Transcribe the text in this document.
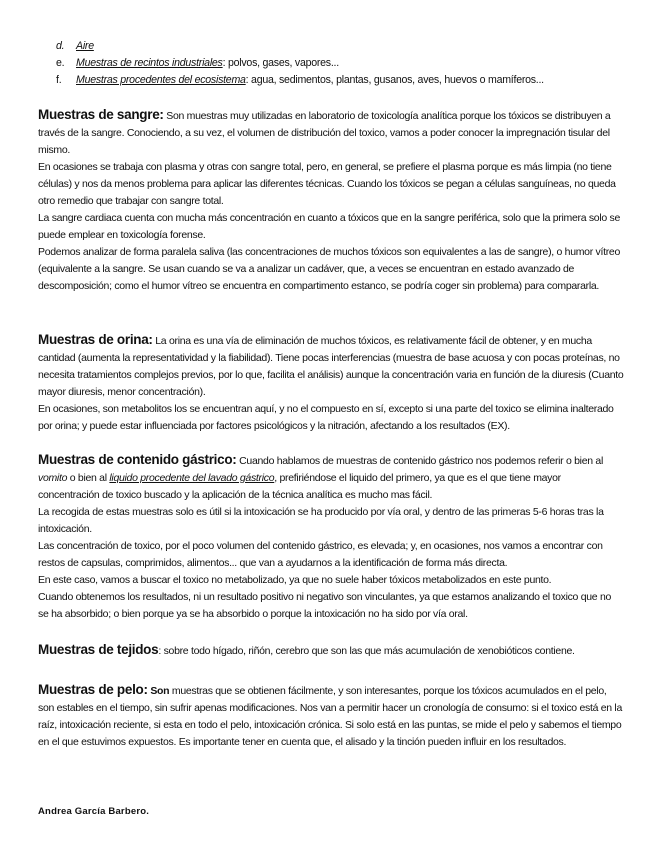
d. Aire
e. Muestras de recintos industriales: polvos, gases, vapores...
f. Muestras procedentes del ecosistema: agua, sedimentos, plantas, gusanos, aves, huevos o mamíferos...

Muestras de sangre: Son muestras muy utilizadas en laboratorio de toxicología analítica porque los tóxicos se distribuyen a través de la sangre. Conociendo, a su vez, el volumen de distribución del toxico, vamos a poder conocer la impregnación tisular del mismo.

En ocasiones se trabaja con plasma y otras con sangre total, pero, en general, se prefiere el plasma porque es más limpia (no tiene células) y nos da menos problema para aplicar las diferentes técnicas. Cuando los tóxicos se pegan a células sanguíneas, no queda otro remedio que trabajar con sangre total.

La sangre cardiaca cuenta con mucha más concentración en cuanto a tóxicos que en la sangre periférica, solo que la primera solo se puede emplear en toxicología forense.

Podemos analizar de forma paralela saliva (las concentraciones de muchos tóxicos son equivalentes a las de sangre), o humor vítreo (equivalente a la sangre. Se usan cuando se va a analizar un cadáver, que, a veces se encuentran en estado avanzado de descomposición; como el humor vítreo se encuentra en compartimento estanco, se podría coger sin problema) para compararla.

Muestras de orina: La orina es una vía de eliminación de muchos tóxicos, es relativamente fácil de obtener, y en mucha cantidad (aumenta la representatividad y la fiabilidad). Tiene pocas interferencias (muestra de base acuosa y con pocas proteínas, no necesita tratamientos complejos previos, por lo que, facilita el análisis) aunque la concentración varia en función de la diuresis (Cuanto mayor diuresis, menor concentración).

En ocasiones, son metabolitos los se encuentran aquí, y no el compuesto en sí, excepto si una parte del toxico se elimina inalterado por orina; y puede estar influenciada por factores psicológicos y la nitración, afectando a los resultados (EX).

Muestras de contenido gástrico: Cuando hablamos de muestras de contenido gástrico nos podemos referir o bien al vomito o bien al liquido procedente del lavado gástrico, prefiriéndose el liquido del primero, ya que es el que tiene mayor concentración de toxico buscado y la aplicación de la técnica analítica es mucho mas fácil.

La recogida de estas muestras solo es útil si la intoxicación se ha producido por vía oral, y dentro de las primeras 5-6 horas tras la intoxicación.

Las concentración de toxico, por el poco volumen del contenido gástrico, es elevada; y, en ocasiones, nos vamos a encontrar con restos de capsulas, comprimidos, alimentos... que van a ayudarnos a la identificación de forma más directa.

En este caso, vamos a buscar el toxico no metabolizado, ya que no suele haber tóxicos metabolizados en este punto.

Cuando obtenemos los resultados, ni un resultado positivo ni negativo son vinculantes, ya que estamos analizando el toxico que no se ha absorbido; o bien porque ya se ha absorbido o porque la intoxicación no ha sido por vía oral.

Muestras de tejidos: sobre todo hígado, riñón, cerebro que son las que más acumulación de xenobióticos contiene.

Muestras de pelo: Son muestras que se obtienen fácilmente, y son interesantes, porque los tóxicos acumulados en el pelo, son estables en el tiempo, sin sufrir apenas modificaciones. Nos van a permitir hacer un cronología de consumo: si el toxico está en la raíz, intoxicación reciente, si esta en todo el pelo, intoxicación crónica. Si solo está en las puntas, se mide el pelo y sabemos el tiempo en el que estuvimos expuestos. Es importante tener en cuenta que, el alisado y la tinción pueden influir en los resultados.

Andrea García Barbero.
